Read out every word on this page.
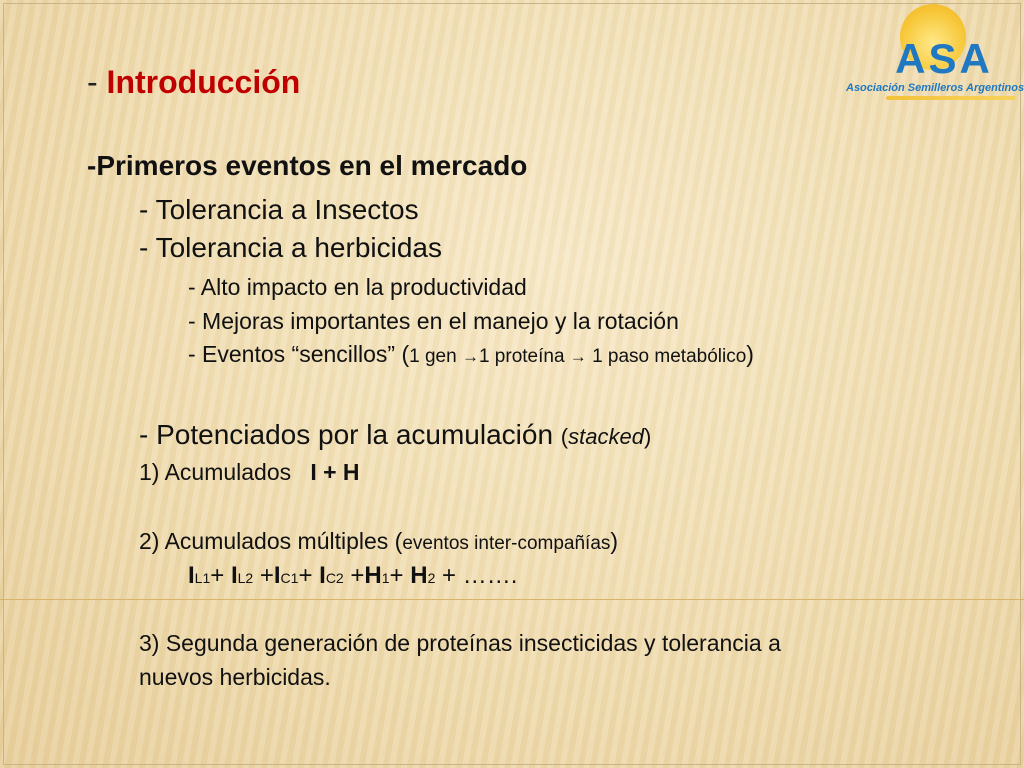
ASA
Asociación Semilleros Argentinos
- Introducción
-Primeros eventos en el mercado
- Tolerancia a Insectos
- Tolerancia a herbicidas
- Alto impacto en la productividad
- Mejoras importantes en el manejo y la rotación
- Eventos “sencillos” (1 gen →1 proteína → 1 paso metabólico)
- Potenciados por la acumulación (stacked)
1) Acumulados   I + H
2) Acumulados múltiples (eventos inter-compañías)
IL1+ IL2 +IC1+ IC2 +H1+ H2 + …….
3) Segunda generación de proteínas insecticidas y tolerancia a
nuevos herbicidas.
